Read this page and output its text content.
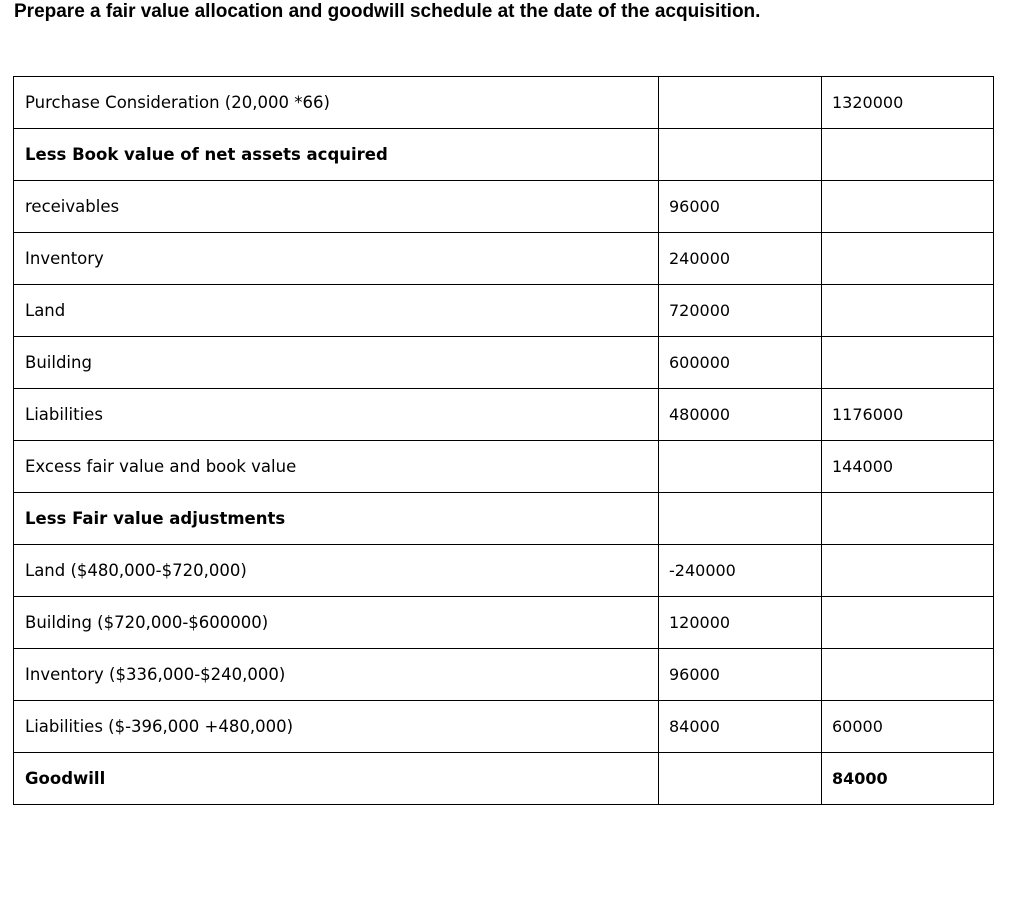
Prepare a fair value allocation and goodwill schedule at the date of the acquisition.
Purchase Consideration (20,000 *66)		1320000
Less Book value of net assets acquired		
receivables	96000	
Inventory	240000	
Land	720000	
Building	600000	
Liabilities	480000	1176000
Excess fair value and book value		144000
Less Fair value adjustments		
Land ($480,000-$720,000)	-240000	
Building ($720,000-$600000)	120000	
Inventory ($336,000-$240,000)	96000	
Liabilities ($-396,000 +480,000)	84000	60000
Goodwill		84000
